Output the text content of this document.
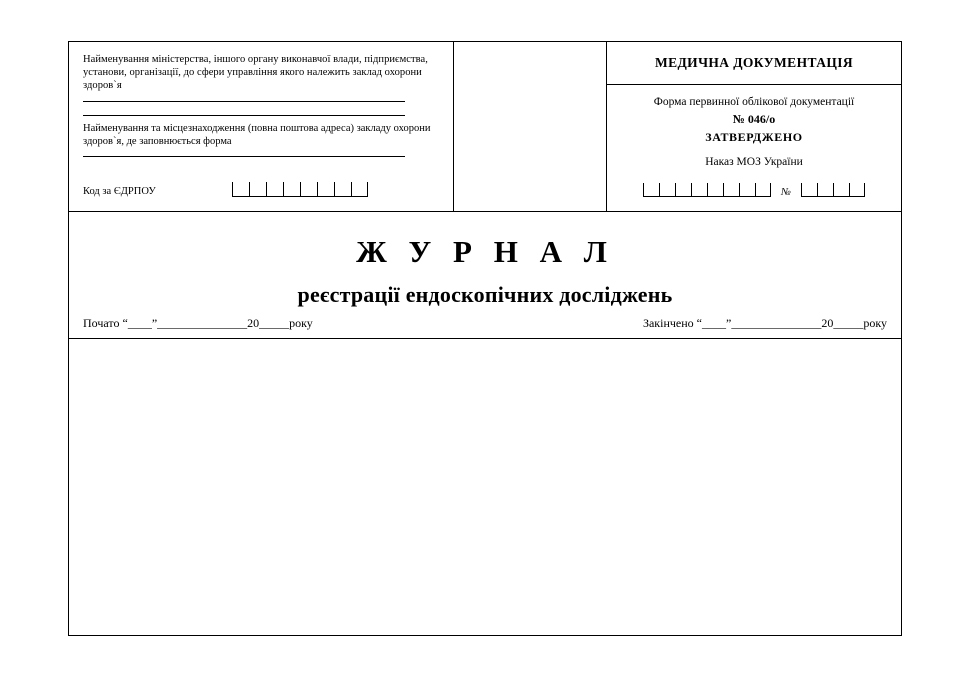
Найменування міністерства, іншого органу виконавчої влади, підприємства, установи, організації, до сфери управління якого належить заклад охорони здоров`я
Найменування та місцезнаходження (повна поштова адреса) закладу охорони здоров`я, де заповнюється форма
Код за ЄДРПОУ
МЕДИЧНА ДОКУМЕНТАЦІЯ
Форма первинної облікової документації
№ 046/о
ЗАТВЕРДЖЕНО
Наказ МОЗ України
№
Ж У Р Н А Л
реєстрації ендоскопічних досліджень
Почато “____”_______________20_____року	Закінчено “____”_______________20_____року
